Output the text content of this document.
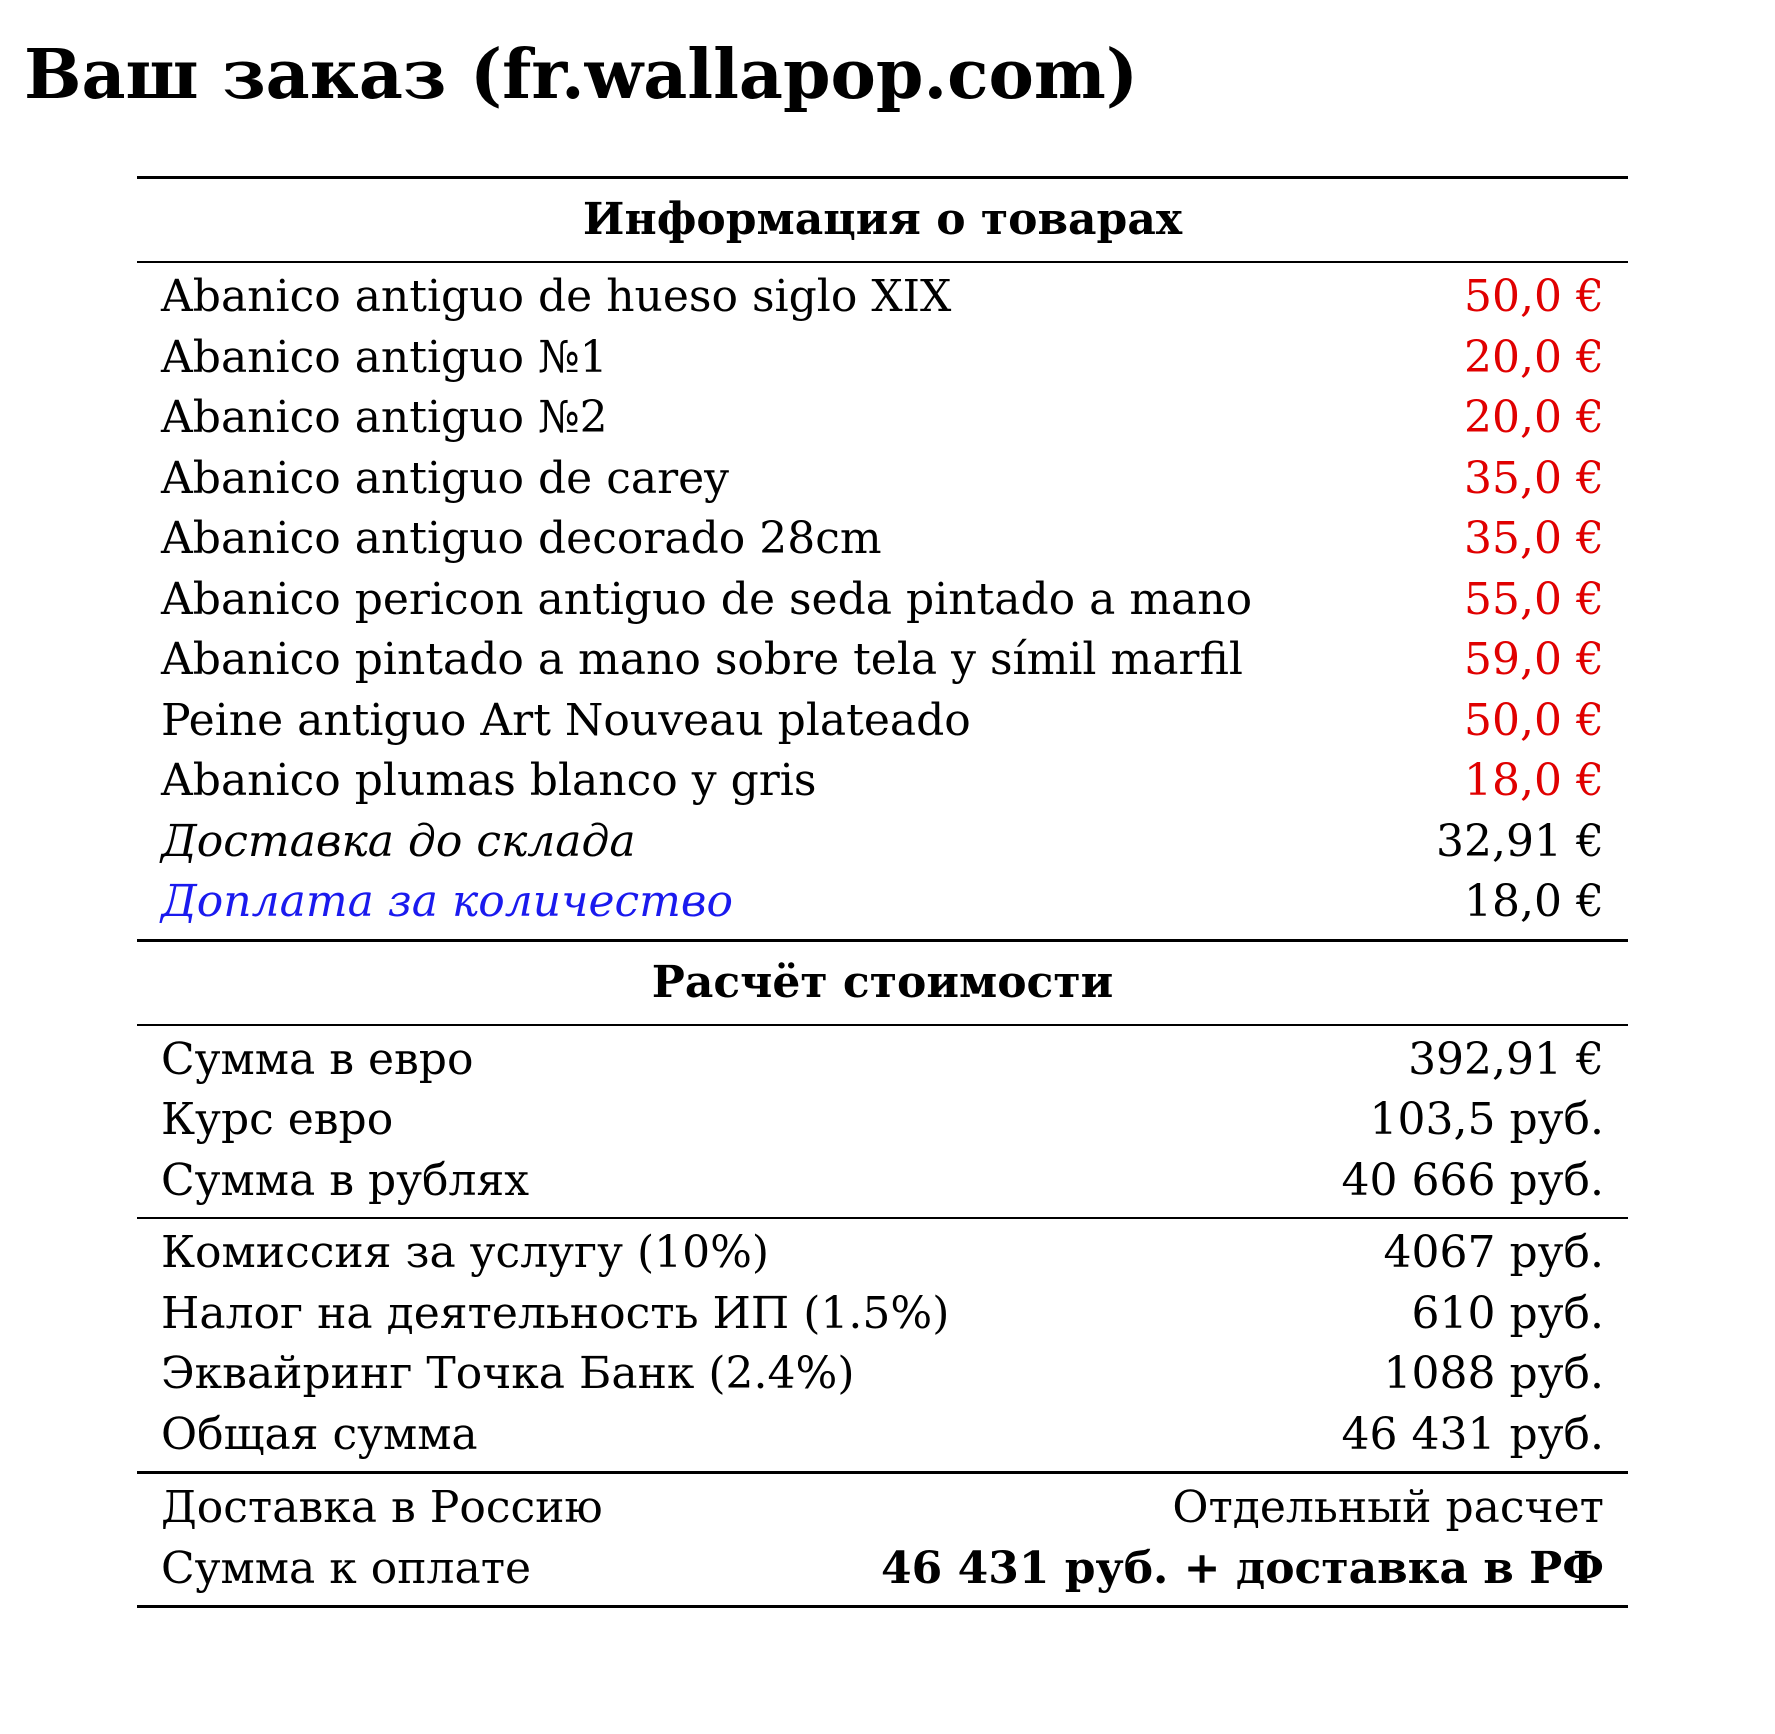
Ваш заказ (fr.wallapop.com)
Информация о товарах
Abanico antiguo de hueso siglo XIX	50,0 €
Abanico antiguo №1	20,0 €
Abanico antiguo №2	20,0 €
Abanico antiguo de carey	35,0 €
Abanico antiguo decorado 28cm	35,0 €
Abanico pericon antiguo de seda pintado a mano	55,0 €
Abanico pintado a mano sobre tela y símil marfil	59,0 €
Peine antiguo Art Nouveau plateado	50,0 €
Abanico plumas blanco y gris	18,0 €
Доставка до склада	32,91 €
Доплата за количество	18,0 €
Расчёт стоимости
Сумма в евро	392,91 €
Курс евро	103,5 руб.
Сумма в рублях	40 666 руб.
Комиссия за услугу (10%)	4067 руб.
Налог на деятельность ИП (1.5%)	610 руб.
Эквайринг Точка Банк (2.4%)	1088 руб.
Общая сумма	46 431 руб.
Доставка в Россию	Отдельный расчет
Сумма к оплате	46 431 руб. + доставка в РФ
